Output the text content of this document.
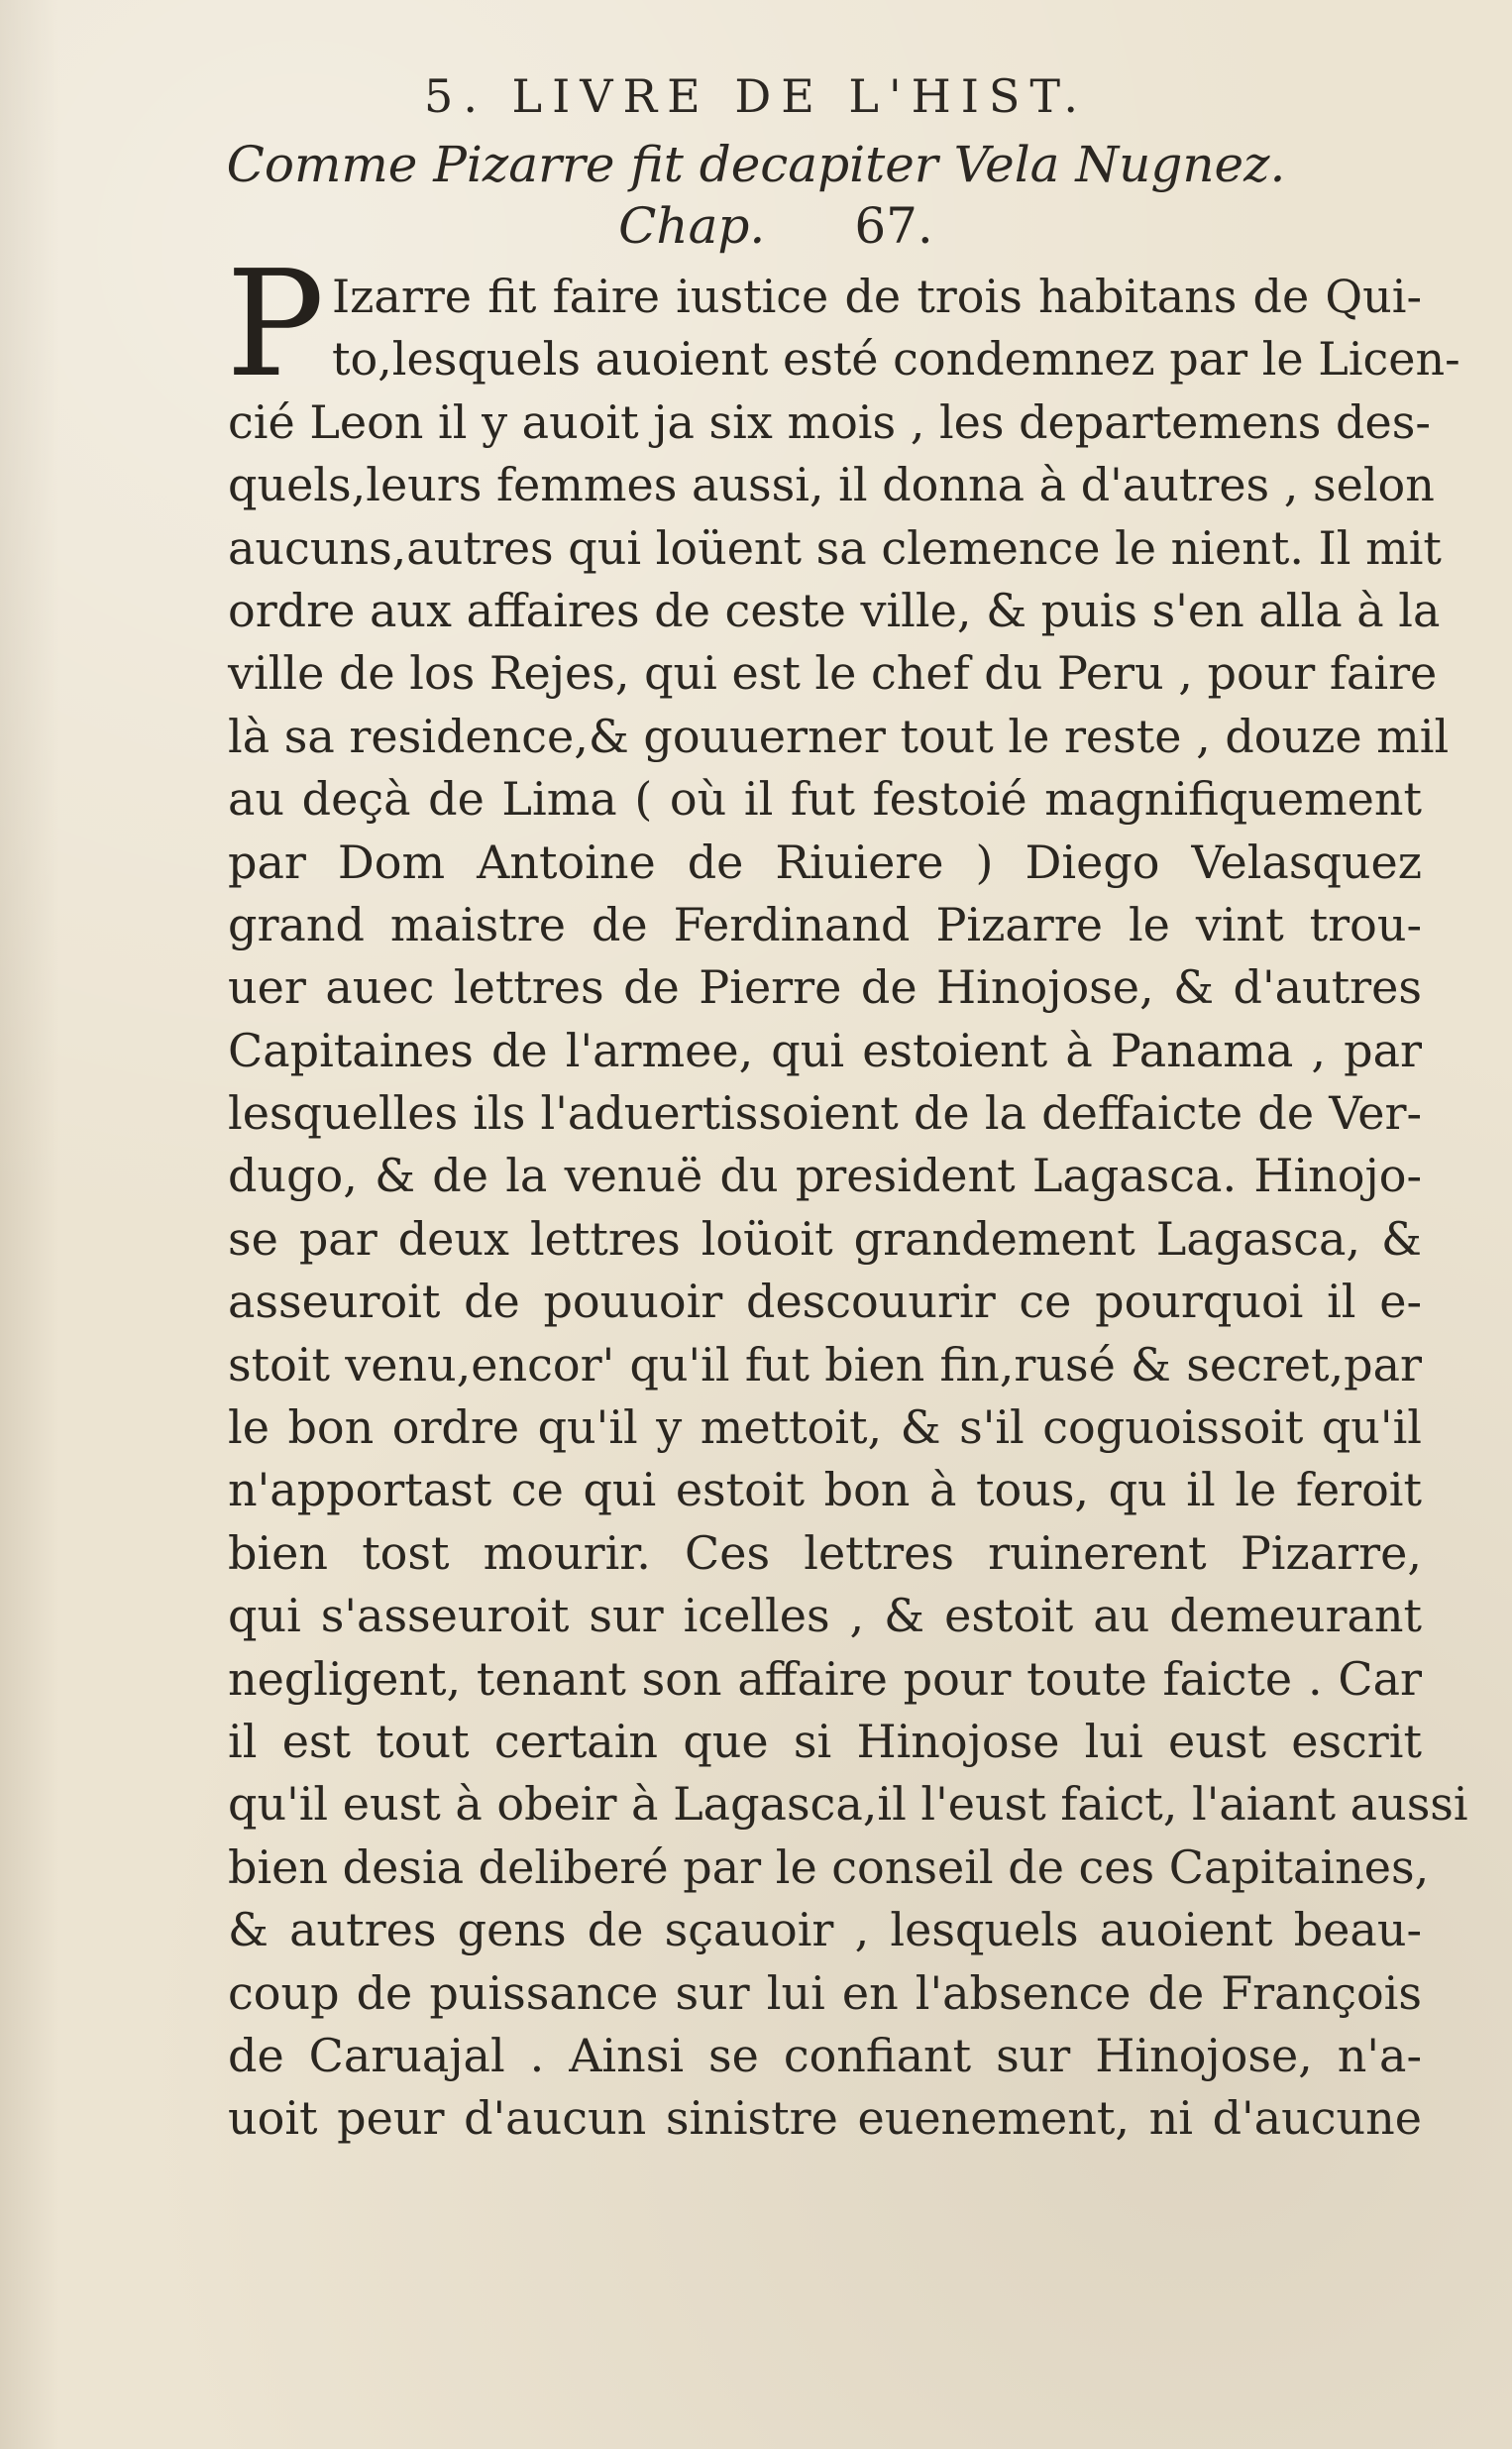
5. LIVRE DE L'HIST.
Comme Pizarre fit decapiter Vela Nugnez.
Chap. 67.
P Izarre fit faire iustice de trois habitans de Qui-
to,lesquels auoient esté condemnez par le Licen-
cié Leon il y auoit ja six mois , les departemens des-
quels,leurs femmes aussi, il donna à d'autres , selon
aucuns,autres qui loüent sa clemence le nient. Il mit
ordre aux affaires de ceste ville, & puis s'en alla à la
ville de los Rejes, qui est le chef du Peru , pour faire
là sa residence,& gouuerner tout le reste , douze mil
au deçà de Lima ( où il fut festoié magnifiquement
par Dom Antoine de Riuiere ) Diego Velasquez
grand maistre de Ferdinand Pizarre le vint trou-
uer auec lettres de Pierre de Hinojose, & d'autres
Capitaines de l'armee, qui estoient à Panama , par
lesquelles ils l'aduertissoient de la deffaicte de Ver-
dugo, & de la venuë du president Lagasca. Hinojo-
se par deux lettres loüoit grandement Lagasca, &
asseuroit de pouuoir descouurir ce pourquoi il e-
stoit venu,encor' qu'il fut bien fin,rusé & secret,par
le bon ordre qu'il y mettoit, & s'il coguoissoit qu'il
n'apportast ce qui estoit bon à tous, qu il le feroit
bien tost mourir. Ces lettres ruinerent Pizarre,
qui s'asseuroit sur icelles , & estoit au demeurant
negligent, tenant son affaire pour toute faicte . Car
il est tout certain que si Hinojose lui eust escrit
qu'il eust à obeir à Lagasca,il l'eust faict, l'aiant aussi
bien desia deliberé par le conseil de ces Capitaines,
& autres gens de sçauoir , lesquels auoient beau-
coup de puissance sur lui en l'absence de François
de Caruajal . Ainsi se confiant sur Hinojose, n'a-
uoit peur d'aucun sinistre euenement, ni d'aucune
